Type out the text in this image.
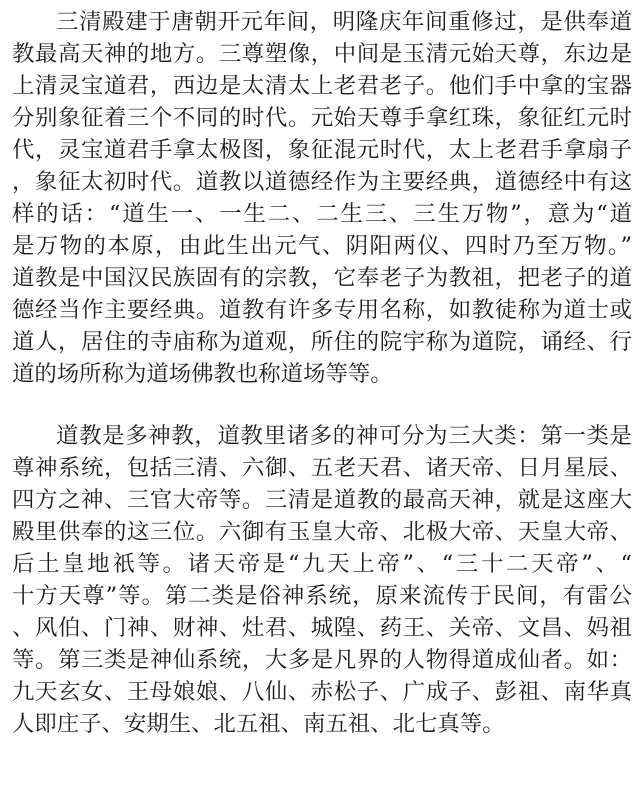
三清殿建于唐朝开元年间，明隆庆年间重修过，是供奉道
教最高天神的地方。三尊塑像，中间是玉清元始天尊，东边是
上清灵宝道君，西边是太清太上老君老子。他们手中拿的宝器
分别象征着三个不同的时代。元始天尊手拿红珠，象征红元时
代，灵宝道君手拿太极图，象征混元时代，太上老君手拿扇子
，象征太初时代。道教以道德经作为主要经典，道德经中有这
样的话：“道生一、一生二、二生三、三生万物”，意为“道
是万物的本原，由此生出元气、阴阳两仪、四时乃至万物。”
道教是中国汉民族固有的宗教，它奉老子为教祖，把老子的道
德经当作主要经典。道教有许多专用名称，如教徒称为道士或
道人，居住的寺庙称为道观，所住的院宇称为道院，诵经、行
道的场所称为道场佛教也称道场等等。
道教是多神教，道教里诸多的神可分为三大类：第一类是
尊神系统，包括三清、六御、五老天君、诸天帝、日月星辰、
四方之神、三官大帝等。三清是道教的最高天神，就是这座大
殿里供奉的这三位。六御有玉皇大帝、北极大帝、天皇大帝、
后土皇地祇等。诸天帝是“九天上帝”、“三十二天帝”、“
十方天尊”等。第二类是俗神系统，原来流传于民间，有雷公
、风伯、门神、财神、灶君、城隍、药王、关帝、文昌、妈祖
等。第三类是神仙系统，大多是凡界的人物得道成仙者。如：
九天玄女、王母娘娘、八仙、赤松子、广成子、彭祖、南华真
人即庄子、安期生、北五祖、南五祖、北七真等。
